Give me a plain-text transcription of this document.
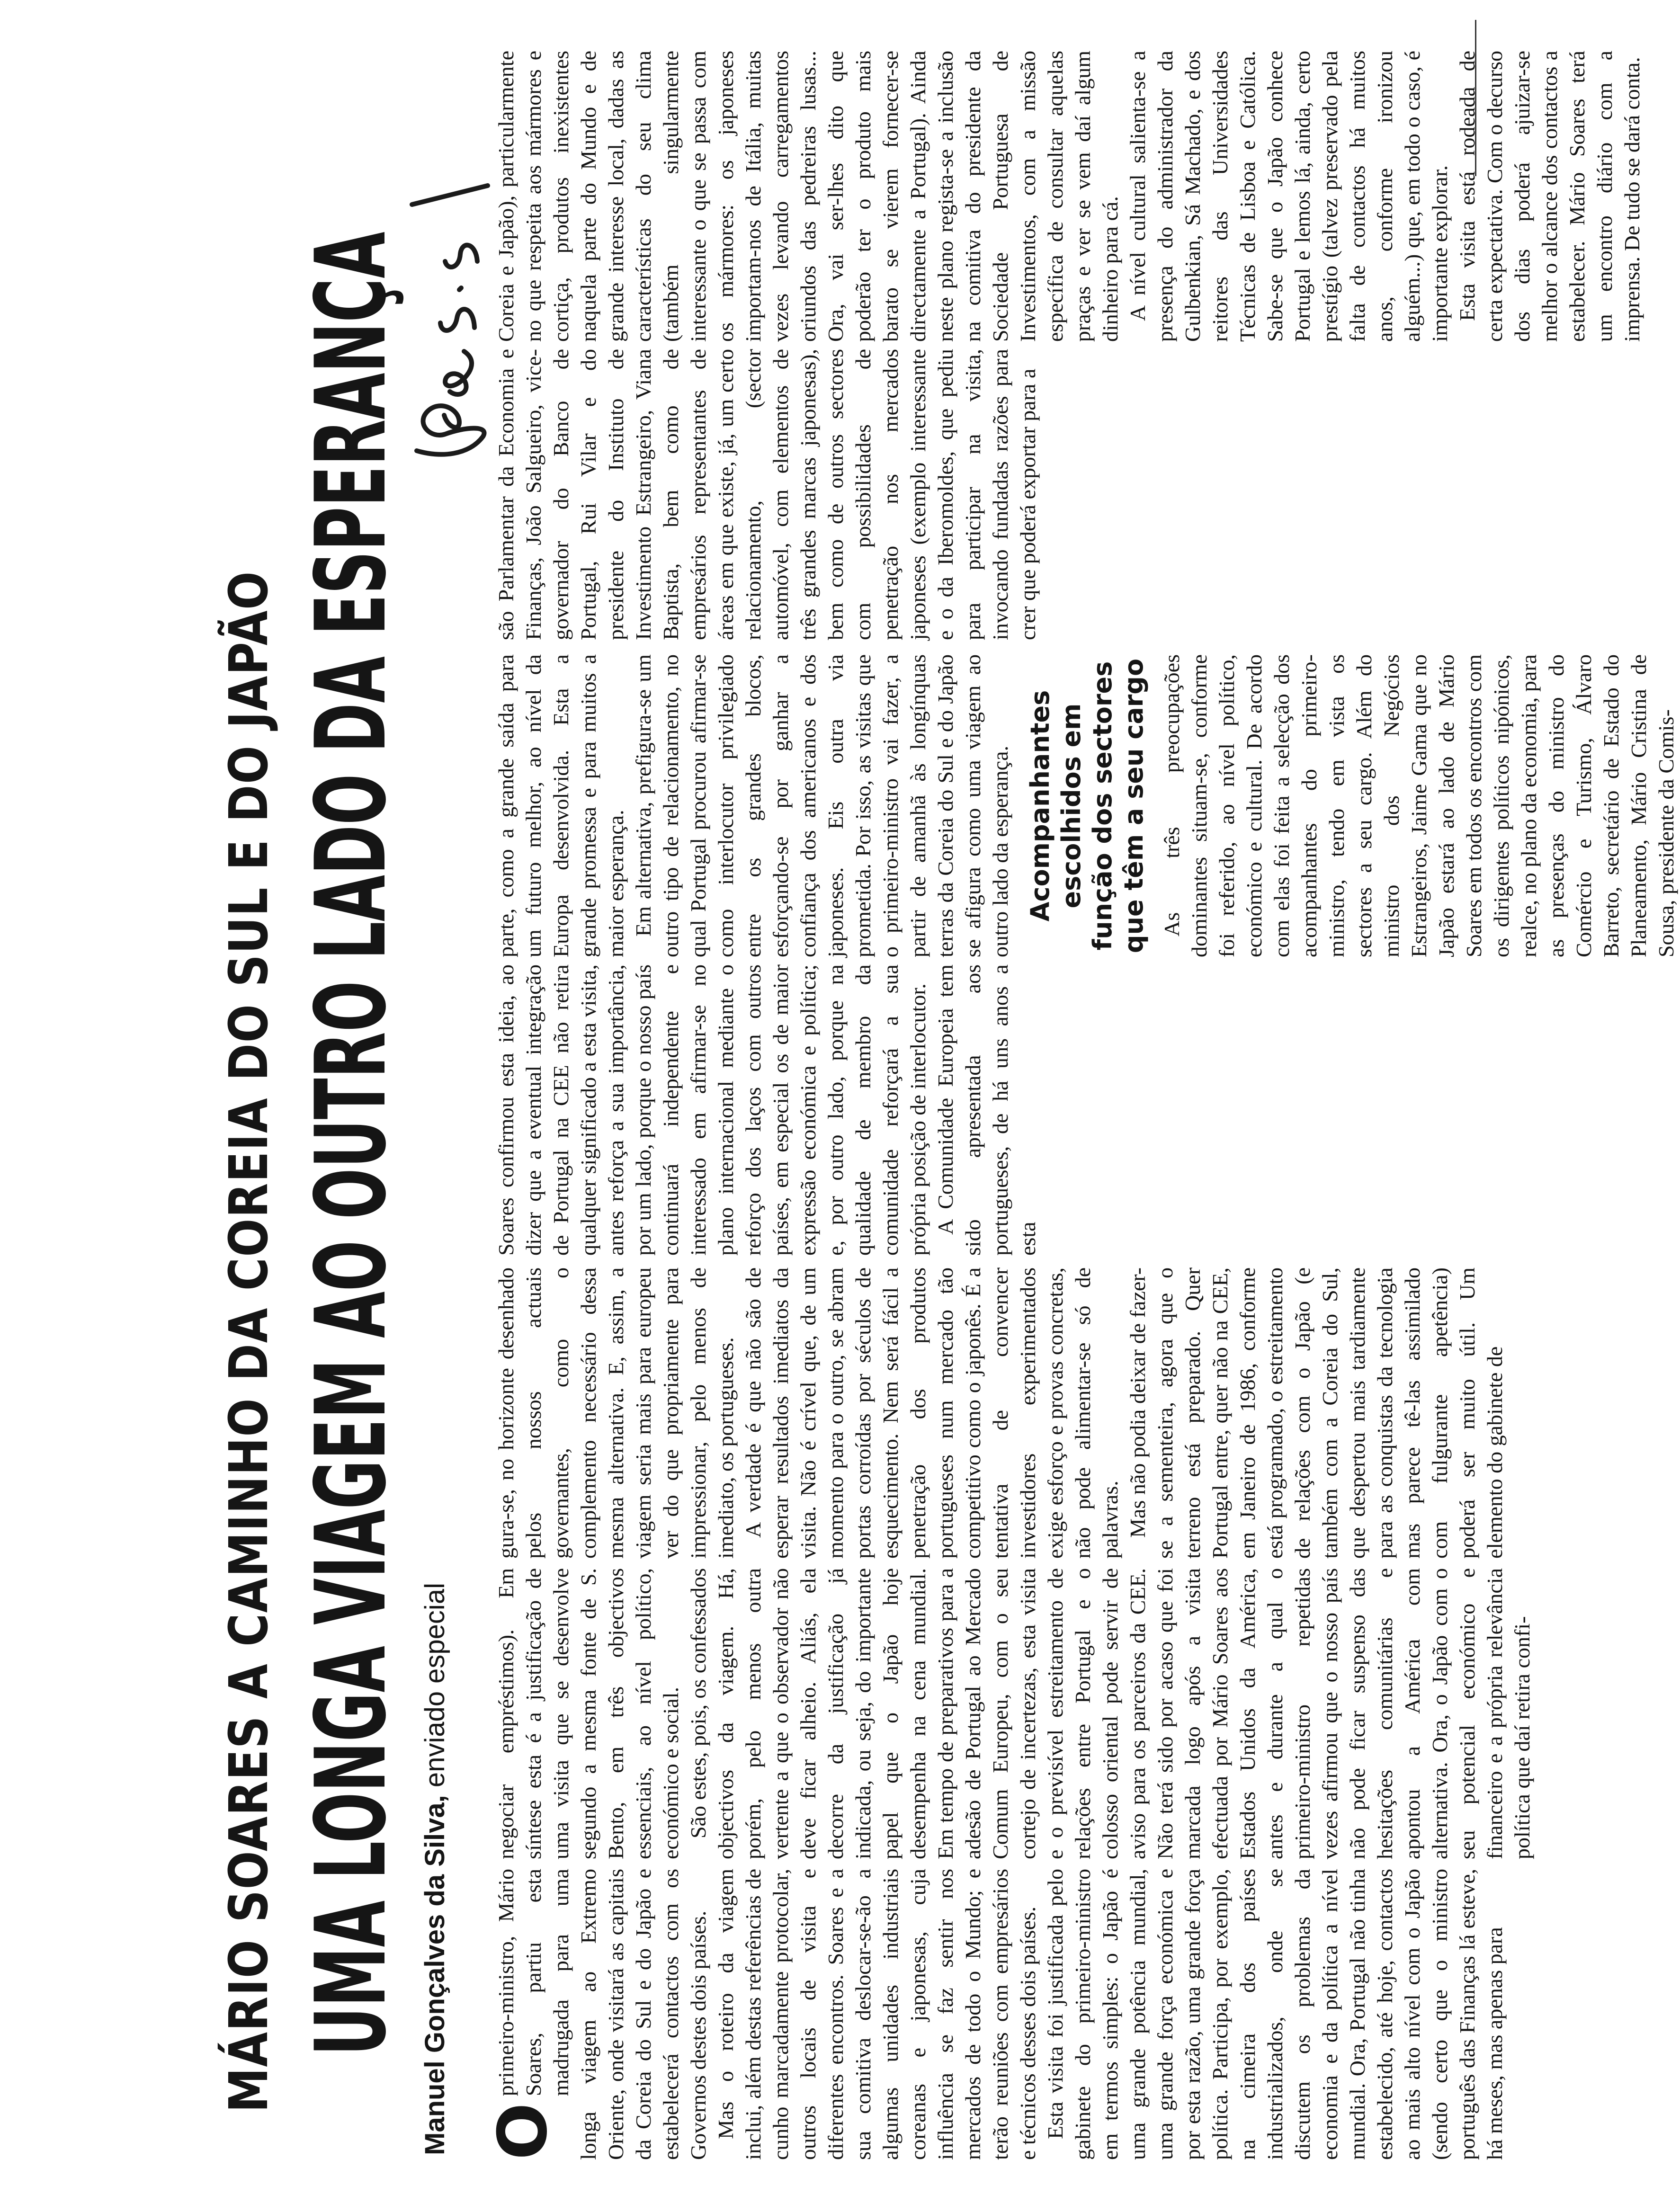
MÁRIO SOARES A CAMINHO DA COREIA DO SUL E DO JAPÃO UMA LONGA VIAGEM AO OUTRO LADO DA ESPERANÇA Manuel Gonçalves da Silva, enviado especial

O
primeiro-ministro, Mário Soares, partiu esta madrugada para uma longa viagem ao Extremo Oriente, onde visitará as capitais da Coreia do Sul e do Japão e estabelecerá contactos com os Governos destes dois países. Mas o roteiro da viagem inclui, além destas referências de cunho marcadamente protocolar, outros locais de visita e diferentes encontros. Soares e a sua comitiva deslocar-se-ão a algumas unidades industriais coreanas e japonesas, cuja influência se faz sentir nos mercados de todo o Mundo; e terão reuniões com empresários e técnicos desses dois países. Esta visita foi justificada pelo gabinete do primeiro-ministro em termos simples: o Japão é uma grande potência mundial, uma grande força económica e por esta razão, uma grande força política. Participa, por exemplo, na cimeira dos países industrializados, onde se discutem os problemas da economia e da política a nível mundial. Ora, Portugal não tinha estabelecido, até hoje, contactos ao mais alto nível com o Japão (sendo certo que o ministro português das Finanças lá esteve, há meses, mas apenas para

negociar empréstimos). Em síntese esta é a justificação de uma visita que se desenvolve segundo a mesma fonte de S. Bento, em três objectivos essenciais, ao nível político, económico e social. São estes, pois, os confessados objectivos da viagem. Há, porém, pelo menos outra vertente a que o observador não deve ficar alheio. Aliás, ela decorre da justificação já indicada, ou seja, do importante papel que o Japão hoje desempenha na cena mundial. Em tempo de preparativos para a adesão de Portugal ao Mercado Comum Europeu, com o seu cortejo de incertezas, esta visita e o previsível estreitamento de relações entre Portugal e o colosso oriental pode servir de aviso para os parceiros da CEE. Não terá sido por acaso que foi marcada logo após a visita efectuada por Mário Soares aos Estados Unidos da América, antes e durante a qual o primeiro-ministro repetidas vezes afirmou que o nosso país não pode ficar suspenso das hesitações comunitárias e apontou a América com alternativa. Ora, o Japão com o seu potencial económico e financeiro e a própria relevância política que daí retira confi-

gura-se, no horizonte desenhado pelos nossos actuais governantes, como o complemento necessário dessa mesma alternativa. E, assim, a viagem seria mais para europeu ver do que propriamente para impressionar, pelo menos de imediato, os portugueses. A verdade é que não são de esperar resultados imediatos da visita. Não é crível que, de um momento para o outro, se abram portas corroídas por séculos de esquecimento. Nem será fácil a penetração dos produtos portugueses num mercado tão competitivo como o japonês. É a tentativa de convencer investidores experimentados exige esforço e provas concretas, não pode alimentar-se só de palavras. Mas não podia deixar de fazer-se a sementeira, agora que o terreno está preparado. Quer Portugal entre, quer não na CEE, em Janeiro de 1986, conforme está programado, o estreitamento de relações com o Japão (e também com a Coreia do Sul, que despertou mais tardiamente para as conquistas da tecnologia mas parece tê-las assimilado com fulgurante apetência) poderá ser muito útil. Um elemento do gabinete de

Soares confirmou esta ideia, ao dizer que a eventual integração de Portugal na CEE não retira qualquer significado a esta visita, antes reforça a sua importância, por um lado, porque o nosso país continuará independente e interessado em afirmar-se no plano internacional mediante o reforço dos laços com outros países, em especial os de maior expressão económica e política; e, por outro lado, porque na qualidade de membro da comunidade reforçará a sua própria posição de interlocutor. A Comunidade Europeia tem sido apresentada aos portugueses, de há uns anos a esta

parte, como a grande saída para um futuro melhor, ao nível da Europa desenvolvida. Esta a grande promessa e para muitos a maior esperança. Em alternativa, prefigura-se um outro tipo de relacionamento, no qual Portugal procurou afirmar-se como interlocutor privilegiado entre os grandes blocos, esforçando-se por ganhar a confiança dos americanos e dos japoneses. Eis outra via prometida. Por isso, as visitas que o primeiro-ministro vai fazer, a partir de amanhã às longínquas terras da Coreia do Sul e do Japão se afigura como uma viagem ao outro lado da esperança. Acompanhantes escolhidos em função dos sectores que têm a seu cargo As três preocupações dominantes situam-se, conforme foi referido, ao nível político, económico e cultural. De acordo com elas foi feita a selecção dos acompanhantes do primeiro-ministro, tendo em vista os sectores a seu cargo. Além do ministro dos Negócios Estrangeiros, Jaime Gama que no Japão estará ao lado de Mário Soares em todos os encontros com os dirigentes políticos nipónicos, realce, no plano da economia, para as presenças do ministro do Comércio e Turismo, Álvaro Barreto, secretário de Estado do Planeamento, Mário Cristina de Sousa, presidente da Comis-

são Parlamentar da Economia e Finanças, João Salgueiro, vice-governador do Banco de Portugal, Rui Vilar e do presidente do Instituto de Investimento Estrangeiro, Viana Baptista, bem como de empresários representantes de áreas em que existe, já, um certo relacionamento, (sector automóvel, com elementos de três grandes marcas japonesas), bem como de outros sectores com possibilidades de penetração nos mercados japoneses (exemplo interessante e o da Iberomoldes, que pediu para participar na visita, invocando fundadas razões para crer que poderá exportar para a

Coreia e Japão), particularmente no que respeita aos mármores e cortiça, produtos inexistentes naquela parte do Mundo e de grande interesse local, dadas as características do seu clima (também singularmente interessante o que se passa com os mármores: os japoneses importam-nos de Itália, muitas vezes levando carregamentos oriundos das pedreiras lusas... Ora, vai ser-lhes dito que poderão ter o produto mais barato se vierem fornecer-se directamente a Portugal). Ainda neste plano regista-se a inclusão na comitiva do presidente da Sociedade Portuguesa de Investimentos, com a missão específica de consultar aquelas praças e ver se vem daí algum dinheiro para cá. A nível cultural salienta-se a presença do administrador da Gulbenkian, Sá Machado, e dos reitores das Universidades Técnicas de Lisboa e Católica. Sabe-se que o Japão conhece Portugal e lemos lá, ainda, certo prestígio (talvez preservado pela falta de contactos há muitos anos, conforme ironizou alguém...) que, em todo o caso, é importante explorar. Esta visita está rodeada de certa expectativa. Com o decurso dos dias poderá ajuizar-se melhor o alcance dos contactos a estabelecer. Mário Soares terá um encontro diário com a imprensa. De tudo se dará conta.
